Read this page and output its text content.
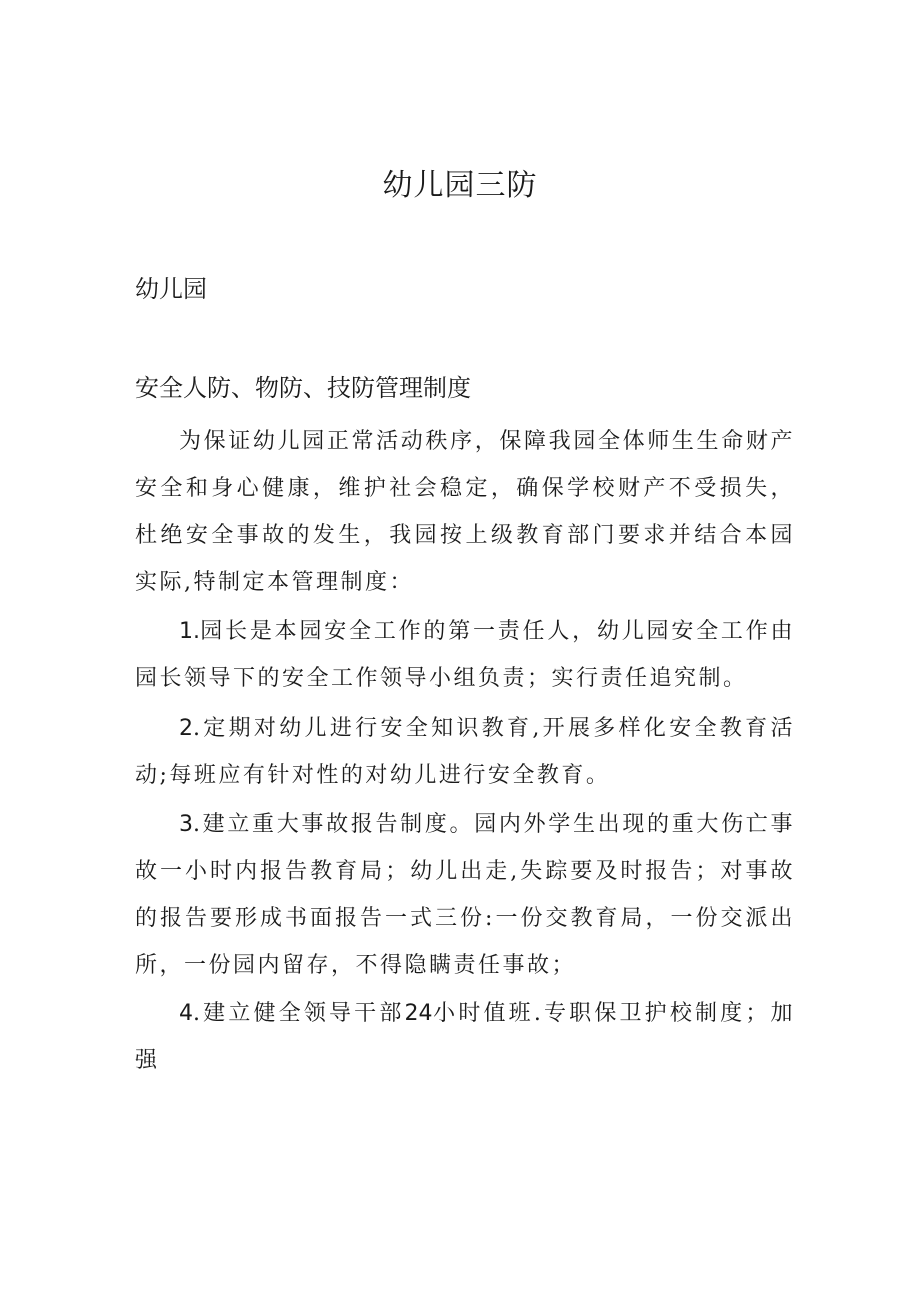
幼儿园三防
幼儿园
安全人防、物防、技防管理制度

为保证幼儿园正常活动秩序，保障我园全体师生生命财产安全和身心健康，维护社会稳定，确保学校财产不受损失，杜绝安全事故的发生，我园按上级教育部门要求并结合本园实际,特制定本管理制度：

1.园长是本园安全工作的第一责任人，幼儿园安全工作由园长领导下的安全工作领导小组负责；实行责任追究制。

2.定期对幼儿进行安全知识教育,开展多样化安全教育活动;每班应有针对性的对幼儿进行安全教育。

3.建立重大事故报告制度。园内外学生出现的重大伤亡事故一小时内报告教育局；幼儿出走,失踪要及时报告；对事故的报告要形成书面报告一式三份:一份交教育局，一份交派出所，一份园内留存，不得隐瞒责任事故；

4.建立健全领导干部24小时值班.专职保卫护校制度；加强
